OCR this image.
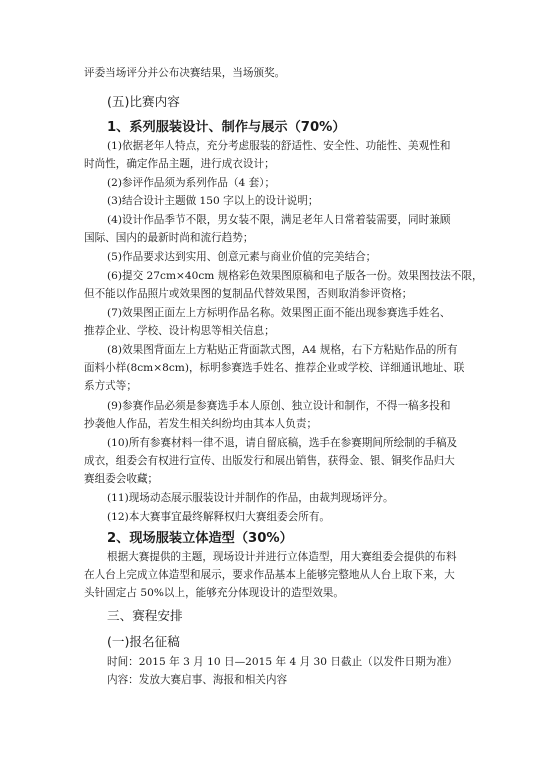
评委当场评分并公布决赛结果，当场颁奖。
(五)比赛内容
1、系列服装设计、制作与展示（70%）
(1)依据老年人特点，充分考虑服装的舒适性、安全性、功能性、美观性和
时尚性，确定作品主题，进行成衣设计；
(2)参评作品须为系列作品（4 套）；
(3)结合设计主题做 150 字以上的设计说明；
(4)设计作品季节不限，男女装不限，满足老年人日常着装需要，同时兼顾
国际、国内的最新时尚和流行趋势；
(5)作品要求达到实用、创意元素与商业价值的完美结合；
(6)提交 27cm×40cm 规格彩色效果图原稿和电子版各一份。效果图技法不限，
但不能以作品照片或效果图的复制品代替效果图，否则取消参评资格；
(7)效果图正面左上方标明作品名称。效果图正面不能出现参赛选手姓名、
推荐企业、学校、设计构思等相关信息；
(8)效果图背面左上方粘贴正背面款式图，A4 规格，右下方粘贴作品的所有
面料小样(8cm×8cm)，标明参赛选手姓名、推荐企业或学校、详细通讯地址、联
系方式等；
(9)参赛作品必须是参赛选手本人原创、独立设计和制作，不得一稿多投和
抄袭他人作品，若发生相关纠纷均由其本人负责；
(10)所有参赛材料一律不退，请自留底稿，选手在参赛期间所绘制的手稿及
成衣，组委会有权进行宣传、出版发行和展出销售，获得金、银、铜奖作品归大
赛组委会收藏；
(11)现场动态展示服装设计并制作的作品，由裁判现场评分。
(12)本大赛事宜最终解释权归大赛组委会所有。
2、现场服装立体造型（30%）
根据大赛提供的主题，现场设计并进行立体造型，用大赛组委会提供的布料
在人台上完成立体造型和展示，要求作品基本上能够完整地从人台上取下来，大
头针固定占 50%以上，能够充分体现设计的造型效果。
三、赛程安排
(一)报名征稿
时间：2015 年 3 月 10 日—2015 年 4 月 30 日截止（以发件日期为准）
内容：发放大赛启事、海报和相关内容
